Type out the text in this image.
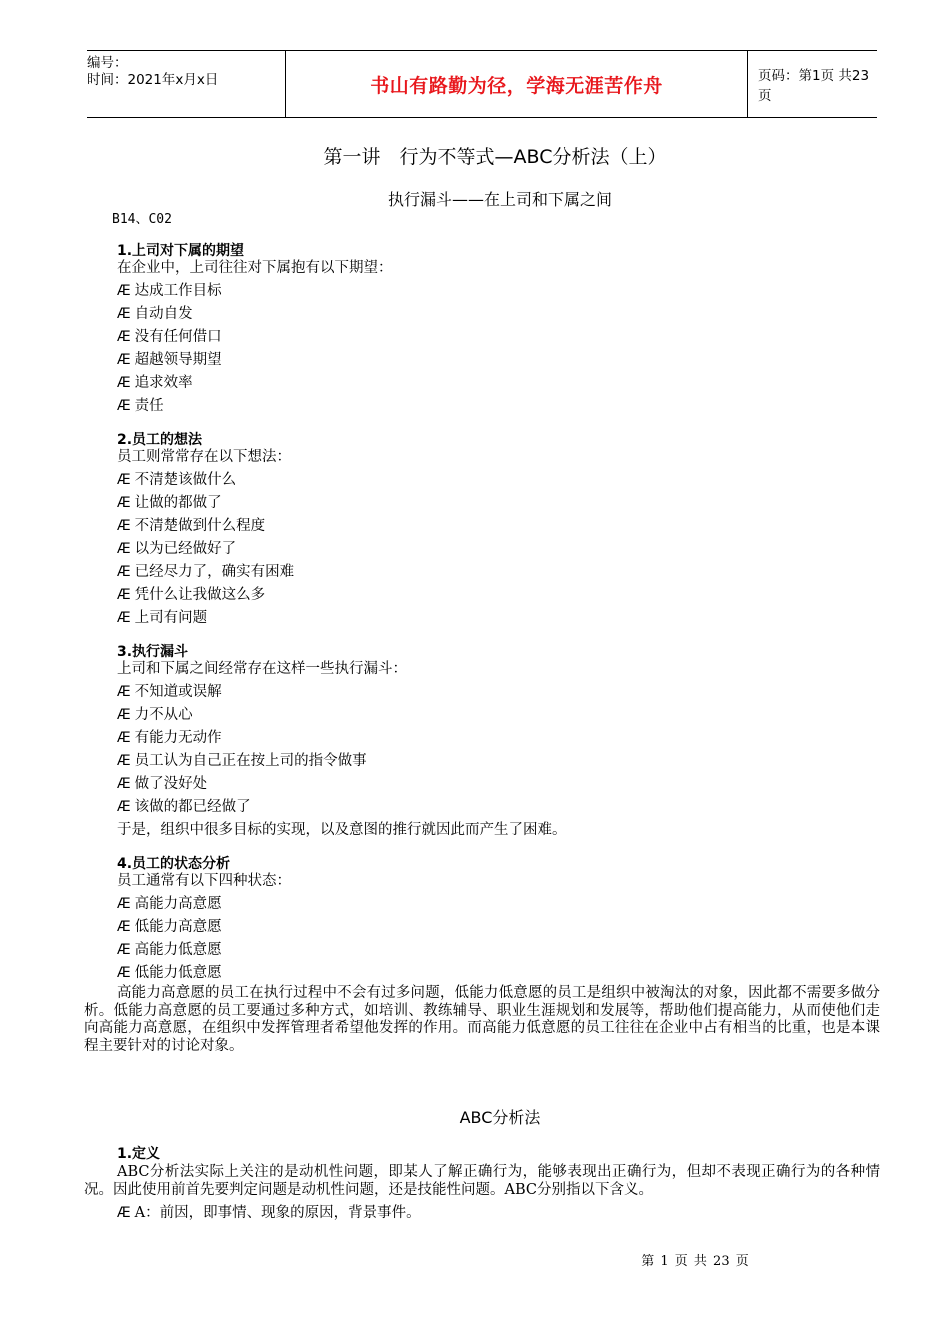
编号：
时间：2021年x月x日	书山有路勤为径，学海无涯苦作舟	页码：第1页 共23页
第一讲　行为不等式—ABC分析法（上）
执行漏斗——在上司和下属之间
B14、C02
1.上司对下属的期望
在企业中，上司往往对下属抱有以下期望：
Æ 达成工作目标
Æ 自动自发
Æ 没有任何借口
Æ 超越领导期望
Æ 追求效率
Æ 责任
2.员工的想法
员工则常常存在以下想法：
Æ 不清楚该做什么
Æ 让做的都做了
Æ 不清楚做到什么程度
Æ 以为已经做好了
Æ 已经尽力了，确实有困难
Æ 凭什么让我做这么多
Æ 上司有问题
3.执行漏斗
上司和下属之间经常存在这样一些执行漏斗：
Æ 不知道或误解
Æ 力不从心
Æ 有能力无动作
Æ 员工认为自己正在按上司的指令做事
Æ 做了没好处
Æ 该做的都已经做了
于是，组织中很多目标的实现，以及意图的推行就因此而产生了困难。
4.员工的状态分析
员工通常有以下四种状态：
Æ 高能力高意愿
Æ 低能力高意愿
Æ 高能力低意愿
Æ 低能力低意愿
高能力高意愿的员工在执行过程中不会有过多问题，低能力低意愿的员工是组织中被淘汰的对象，因此都不需要多做分析。低能力高意愿的员工要通过多种方式，如培训、教练辅导、职业生涯规划和发展等，帮助他们提高能力，从而使他们走向高能力高意愿，在组织中发挥管理者希望他发挥的作用。而高能力低意愿的员工往往在企业中占有相当的比重，也是本课程主要针对的讨论对象。
ABC分析法
1.定义
ABC分析法实际上关注的是动机性问题，即某人了解正确行为，能够表现出正确行为，但却不表现正确行为的各种情况。因此使用前首先要判定问题是动机性问题，还是技能性问题。ABC分别指以下含义。
Æ A：前因，即事情、现象的原因，背景事件。
第 1 页 共 23 页
